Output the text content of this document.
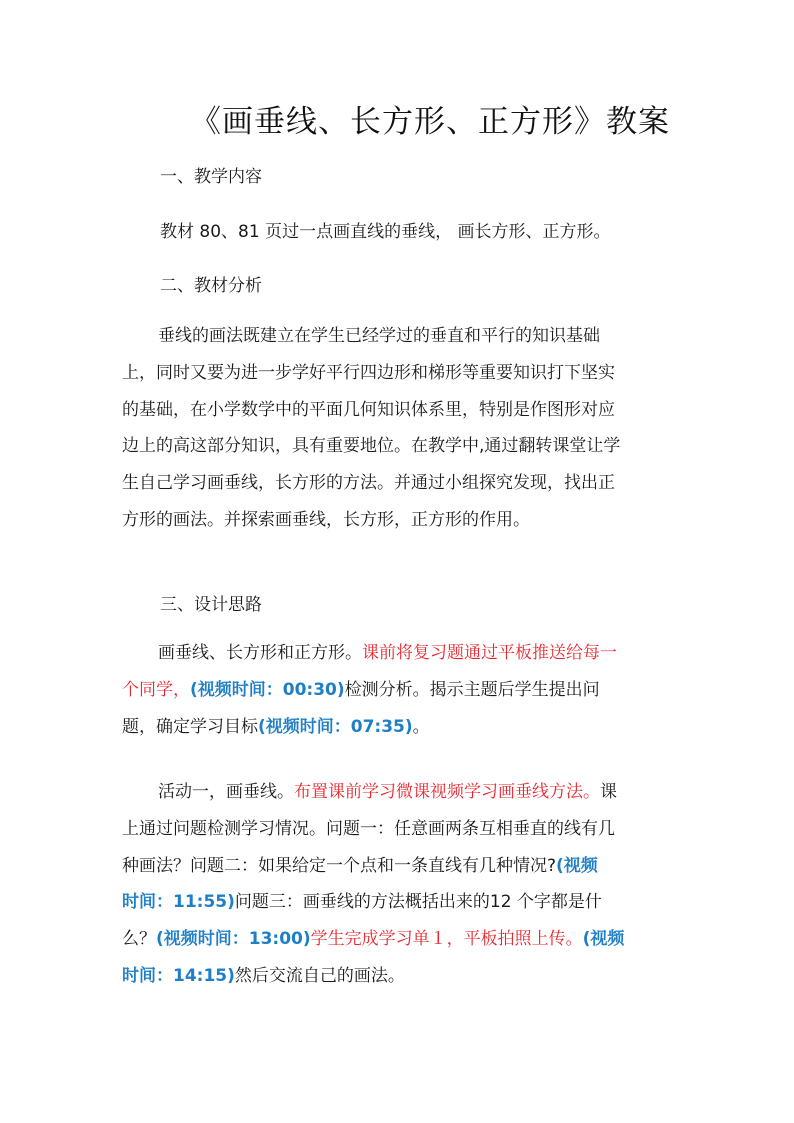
《画垂线、长方形、正方形》教案
一、教学内容
教材 80、81 页过一点画直线的垂线， 画长方形、正方形。
二、教材分析
垂线的画法既建立在学生已经学过的垂直和平行的知识基础
上，同时又要为进一步学好平行四边形和梯形等重要知识打下坚实
的基础，在小学数学中的平面几何知识体系里，特别是作图形对应
边上的高这部分知识，具有重要地位。在教学中,通过翻转课堂让学
生自己学习画垂线，长方形的方法。并通过小组探究发现，找出正
方形的画法。并探索画垂线，长方形，正方形的作用。
三、设计思路
画垂线、长方形和正方形。课前将复习题通过平板推送给每一
个同学，(视频时间：00:30)检测分析。揭示主题后学生提出问
题，确定学习目标(视频时间：07:35)。
活动一，画垂线。布置课前学习微课视频学习画垂线方法。课
上通过问题检测学习情况。问题一：任意画两条互相垂直的线有几
种画法？问题二：如果给定一个点和一条直线有几种情况?(视频
时间：11:55)问题三：画垂线的方法概括出来的12 个字都是什
么？(视频时间：13:00)学生完成学习单１，平板拍照上传。(视频
时间：14:15)然后交流自己的画法。
